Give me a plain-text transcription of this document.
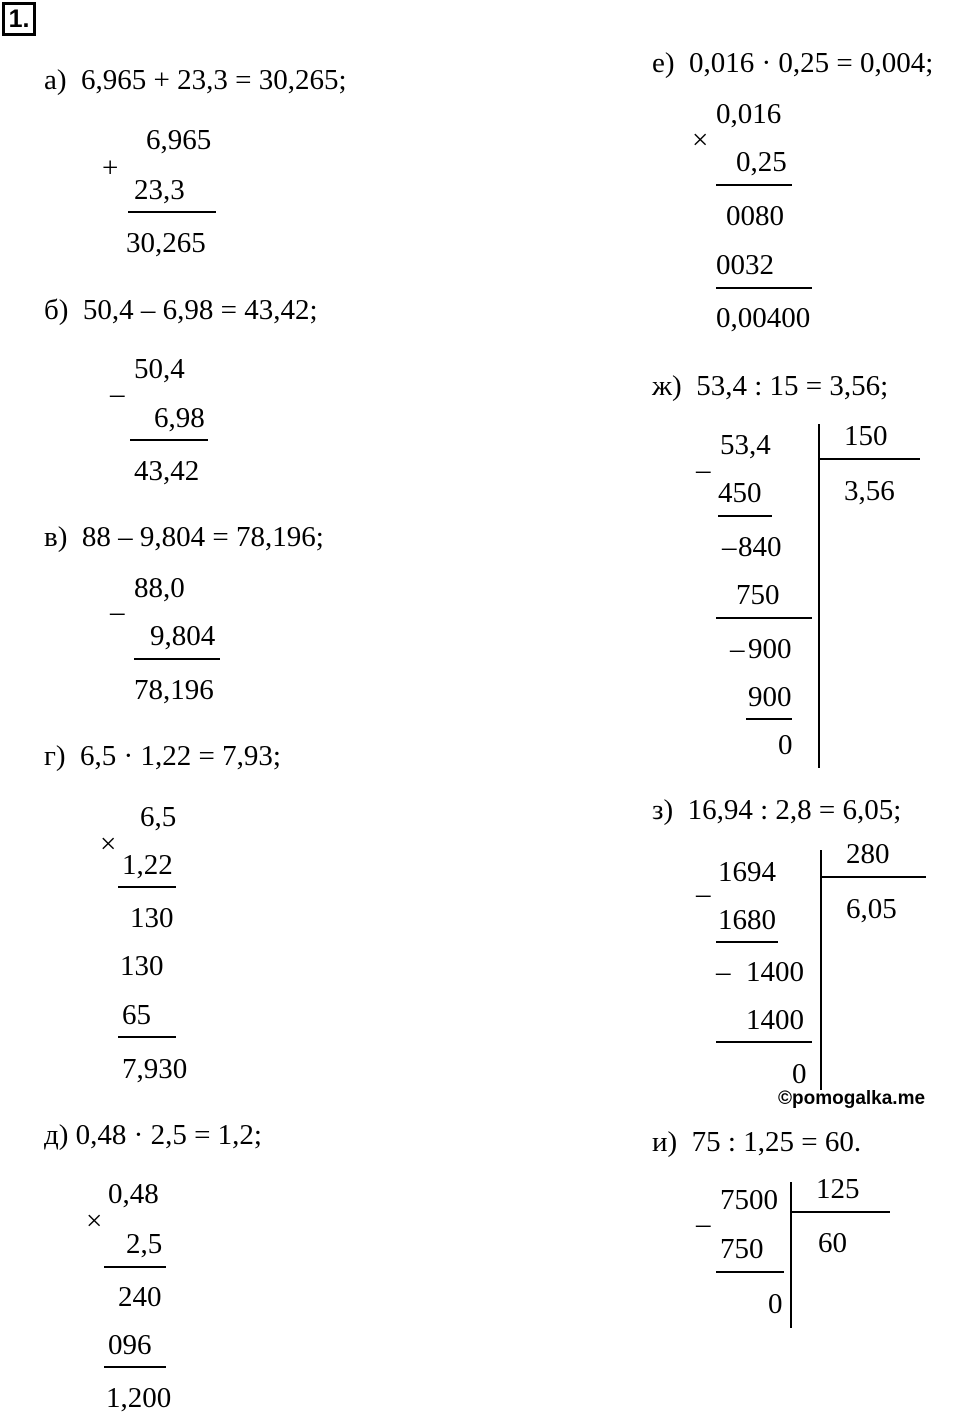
1.
а)  6,965 + 23,3 = 30,265;
+
6,965
23,3
30,265
б)  50,4 – 6,98 = 43,42;
–
50,4
6,98
43,42
в)  88 – 9,804 = 78,196;
–
88,0
9,804
78,196
г)  6,5 · 1,22 = 7,93;
×
6,5
1,22
130
130
65
7,930
д) 0,48 · 2,5 = 1,2;
×
0,48
2,5
240
096
1,200
е)  0,016 · 0,25 = 0,004;
×
0,016
0,25
0080
0032
0,00400
ж)  53,4 : 15 = 3,56;
–
53,4	150
3,56
450
– 840
750
– 900
900
0
з)  16,94 : 2,8 = 6,05;
–
1694
280
6,05
1680
– 1400
1400
0
©pomogalka.me
и)  75 : 1,25 = 60.
–
7500 125
60
750
0
